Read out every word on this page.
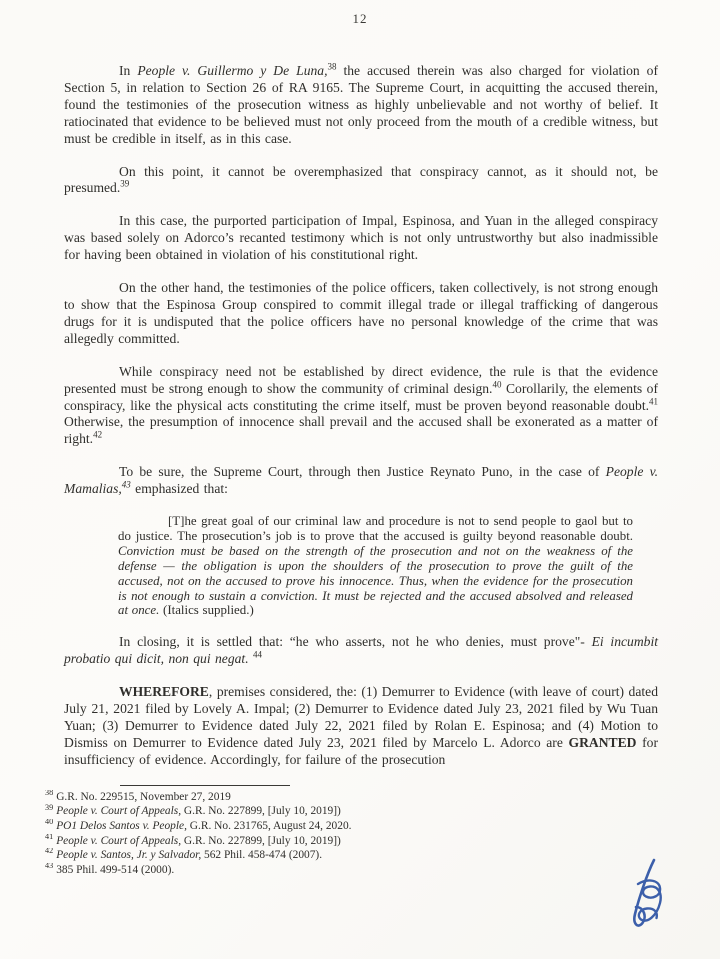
12

In People v. Guillermo y De Luna,$^{38}$ the accused therein was also charged for violation of Section 5, in relation to Section 26 of RA 9165. The Supreme Court, in acquitting the accused therein, found the testimonies of the prosecution witness as highly unbelievable and not worthy of belief. It ratiocinated that evidence to be believed must not only proceed from the mouth of a credible witness, but must be credible in itself, as in this case.

On this point, it cannot be overemphasized that conspiracy cannot, as it should not, be presumed.$^{39}$

In this case, the purported participation of Impal, Espinosa, and Yuan in the alleged conspiracy was based solely on Adorco’s recanted testimony which is not only untrustworthy but also inadmissible for having been obtained in violation of his constitutional right.

On the other hand, the testimonies of the police officers, taken collectively, is not strong enough to show that the Espinosa Group conspired to commit illegal trade or illegal trafficking of dangerous drugs for it is undisputed that the police officers have no personal knowledge of the crime that was allegedly committed.

While conspiracy need not be established by direct evidence, the rule is that the evidence presented must be strong enough to show the community of criminal design.$^{40}$ Corollarily, the elements of conspiracy, like the physical acts constituting the crime itself, must be proven beyond reasonable doubt.$^{41}$ Otherwise, the presumption of innocence shall prevail and the accused shall be exonerated as a matter of right.$^{42}$

To be sure, the Supreme Court, through then Justice Reynato Puno, in the case of People v. Mamalias,$^{43}$ emphasized that:

[T]he great goal of our criminal law and procedure is not to send people to gaol but to do justice. The prosecution’s job is to prove that the accused is guilty beyond reasonable doubt. Conviction must be based on the strength of the prosecution and not on the weakness of the defense — the obligation is upon the shoulders of the prosecution to prove the guilt of the accused, not on the accused to prove his innocence. Thus, when the evidence for the prosecution is not enough to sustain a conviction. It must be rejected and the accused absolved and released at once. (Italics supplied.)

In closing, it is settled that: “he who asserts, not he who denies, must prove"- Ei incumbit probatio qui dicit, non qui negat. $^{44}$

WHEREFORE, premises considered, the: (1) Demurrer to Evidence (with leave of court) dated July 21, 2021 filed by Lovely A. Impal; (2) Demurrer to Evidence dated July 23, 2021 filed by Wu Tuan Yuan; (3) Demurrer to Evidence dated July 22, 2021 filed by Rolan E. Espinosa; and (4) Motion to Dismiss on Demurrer to Evidence dated July 23, 2021 filed by Marcelo L. Adorco are GRANTED for insufficiency of evidence. Accordingly, for failure of the prosecution

$^{38}$ G.R. No. 229515, November 27, 2019
$^{39}$ People v. Court of Appeals, G.R. No. 227899, [July 10, 2019])
$^{40}$ PO1 Delos Santos v. People, G.R. No. 231765, August 24, 2020.
$^{41}$ People v. Court of Appeals, G.R. No. 227899, [July 10, 2019])
$^{42}$ People v. Santos, Jr. y Salvador, 562 Phil. 458-474 (2007).
$^{43}$ 385 Phil. 499-514 (2000).
